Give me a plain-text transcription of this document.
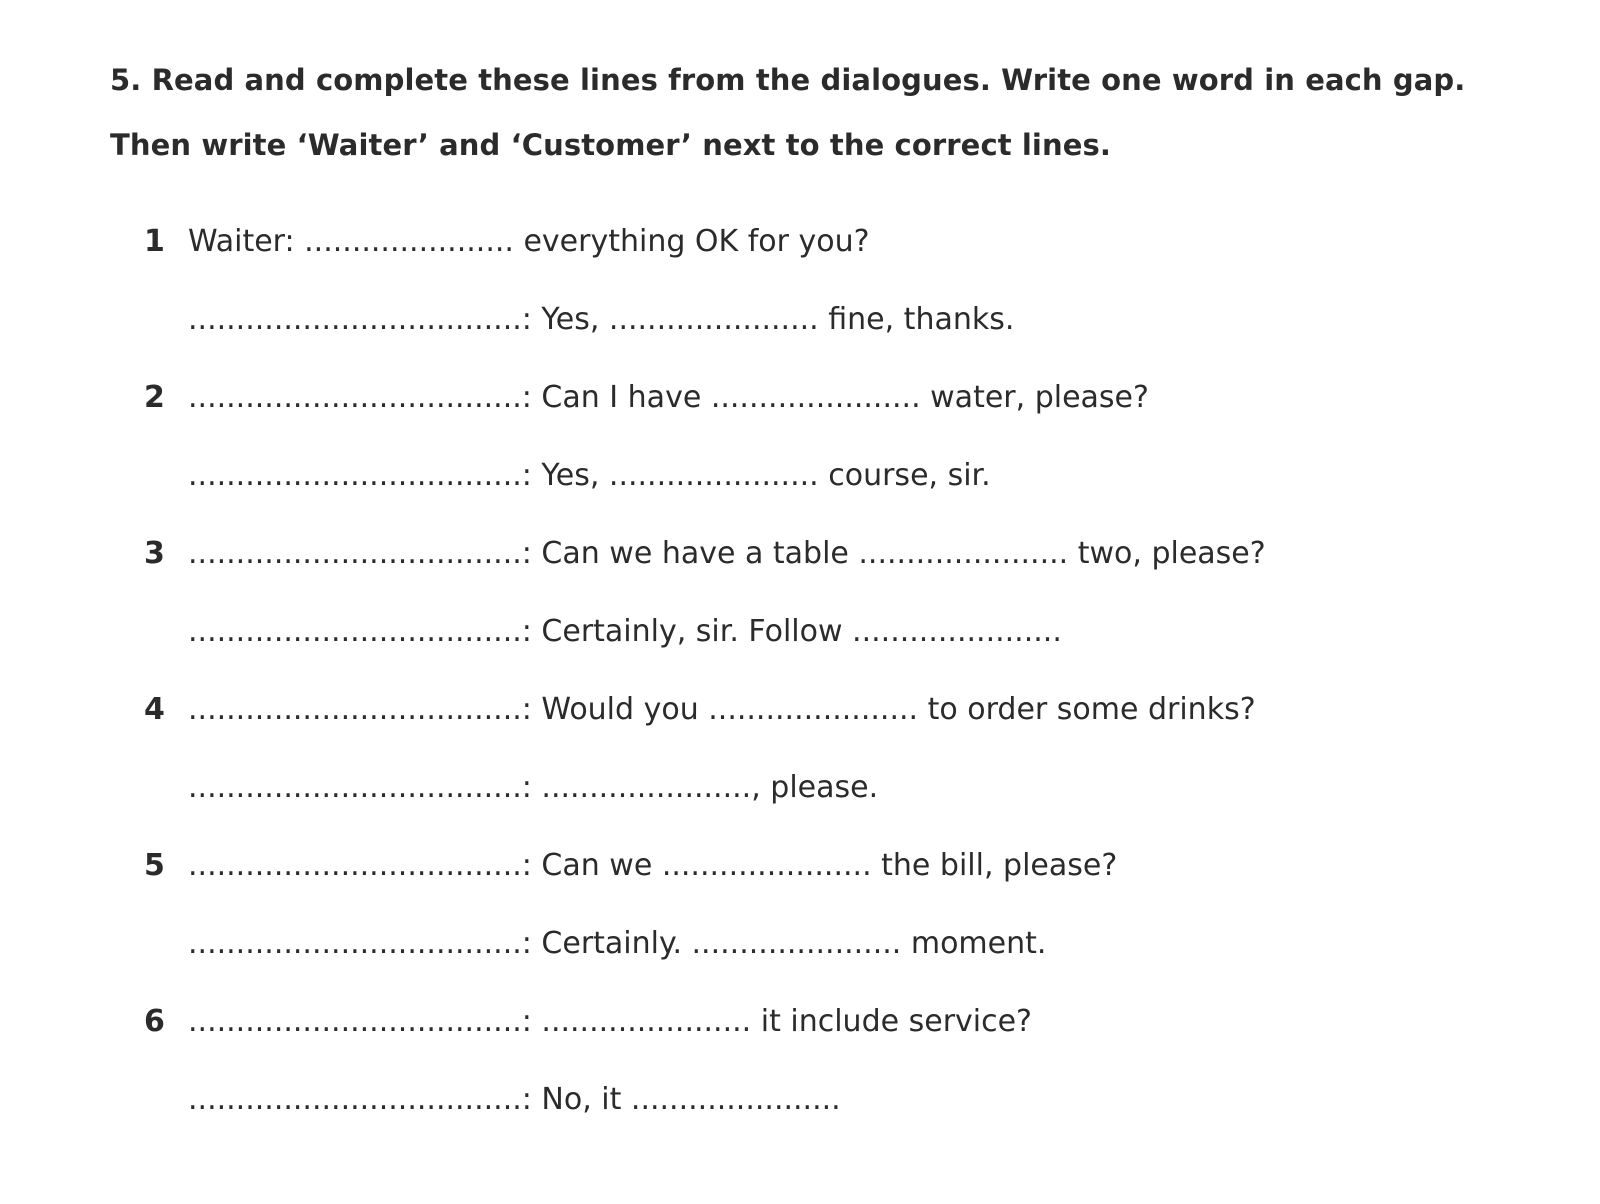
5. Read and complete these lines from the dialogues. Write one word in each gap. Then write ‘Waiter’ and ‘Customer’ next to the correct lines.

1 Waiter: ...................... everything OK for you?
...................................: Yes, ...................... fine, thanks.
2 ...................................: Can I have ...................... water, please?
...................................: Yes, ...................... course, sir.
3 ...................................: Can we have a table ...................... two, please?
...................................: Certainly, sir. Follow ......................
4 ...................................: Would you ...................... to order some drinks?
...................................: ......................, please.
5 ...................................: Can we ...................... the bill, please?
...................................: Certainly. ...................... moment.
6 ...................................: ...................... it include service?
...................................: No, it ......................
